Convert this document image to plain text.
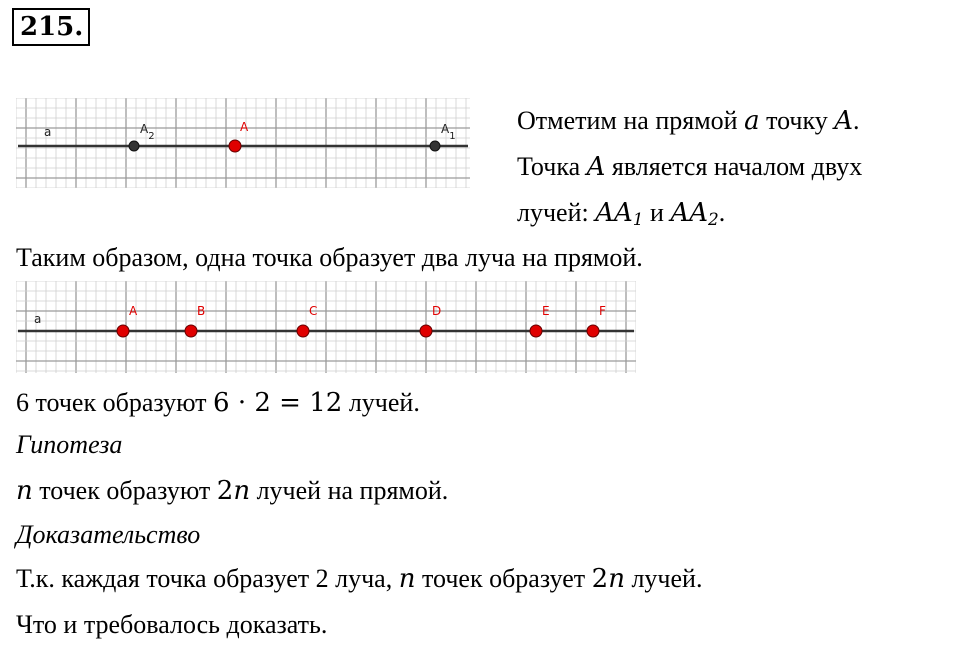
215.
a	$A_2$
A	$A_1$
Отметим на прямой a точку A.
Точка A является началом двух
лучей: $AA_1$ и $AA_2$.
Таким образом, одна точка образует два луча на прямой.
a
A	B	C	D	E	F
6 точек образуют 6 · 2 = 12 лучей.
Гипотеза
n точек образуют 2n лучей на прямой.
Доказательство
Т.к. каждая точка образует 2 луча, n точек образует 2n лучей.
Что и требовалось доказать.
